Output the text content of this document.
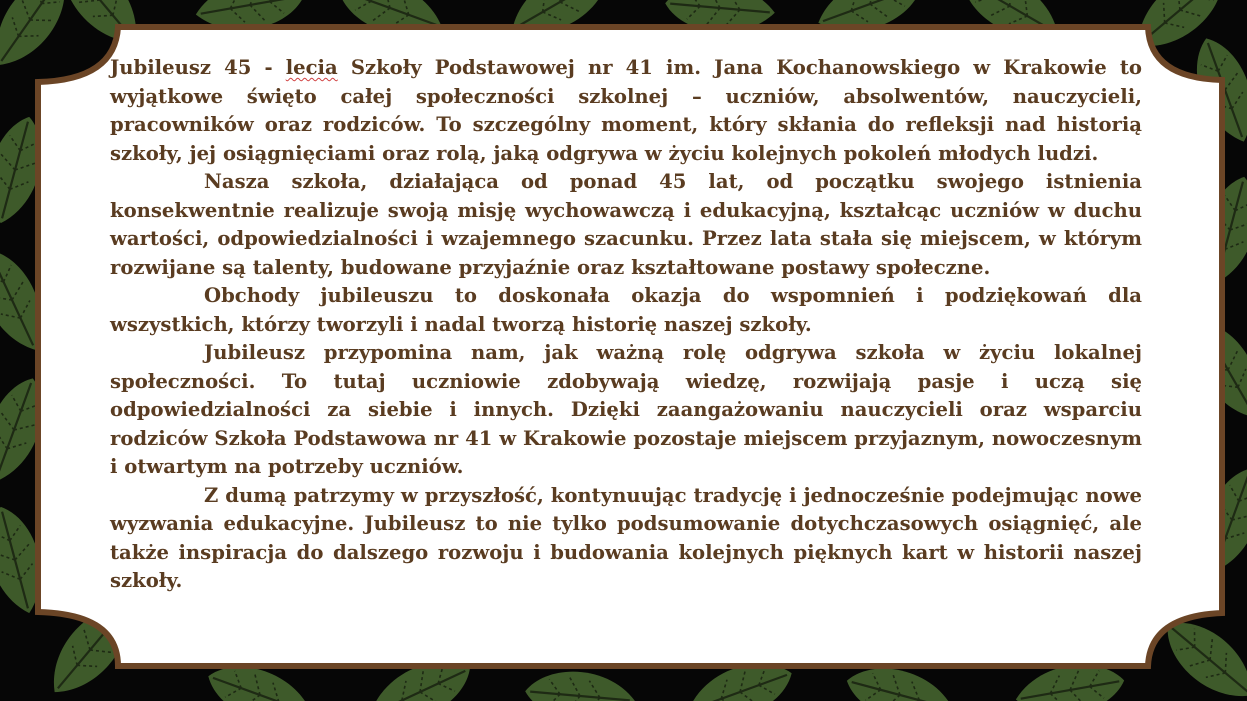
Jubileusz 45 - lecia Szkoły Podstawowej nr 41 im. Jana Kochanowskiego w Krakowie to wyjątkowe święto całej społeczności szkolnej – uczniów, absolwentów, nauczycieli, pracowników oraz rodziców. To szczególny moment, który skłania do refleksji nad historią szkoły, jej osiągnięciami oraz rolą, jaką odgrywa w życiu kolejnych pokoleń młodych ludzi.

Nasza szkoła, działająca od ponad 45 lat, od początku swojego istnienia konsekwentnie realizuje swoją misję wychowawczą i edukacyjną, kształcąc uczniów w duchu wartości, odpowiedzialności i wzajemnego szacunku. Przez lata stała się miejscem, w którym rozwijane są talenty, budowane przyjaźnie oraz kształtowane postawy społeczne.

Obchody jubileuszu to doskonała okazja do wspomnień i podziękowań dla wszystkich, którzy tworzyli i nadal tworzą historię naszej szkoły.

Jubileusz przypomina nam, jak ważną rolę odgrywa szkoła w życiu lokalnej społeczności. To tutaj uczniowie zdobywają wiedzę, rozwijają pasje i uczą się odpowiedzialności za siebie i innych. Dzięki zaangażowaniu nauczycieli oraz wsparciu rodziców Szkoła Podstawowa nr 41 w Krakowie pozostaje miejscem przyjaznym, nowoczesnym i otwartym na potrzeby uczniów.

Z dumą patrzymy w przyszłość, kontynuując tradycję i jednocześnie podejmując nowe wyzwania edukacyjne. Jubileusz to nie tylko podsumowanie dotychczasowych osiągnięć, ale także inspiracja do dalszego rozwoju i budowania kolejnych pięknych kart w historii naszej szkoły.
